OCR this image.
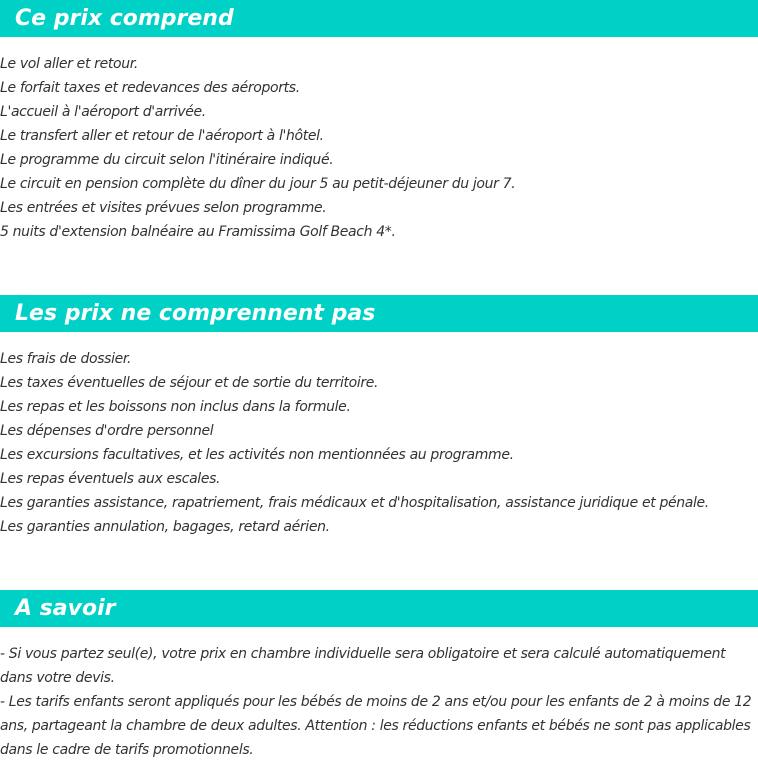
Ce prix comprend
Le vol aller et retour.
Le forfait taxes et redevances des aéroports.
L'accueil à l'aéroport d'arrivée.
Le transfert aller et retour de l'aéroport à l'hôtel.
Le programme du circuit selon l'itinéraire indiqué.
Le circuit en pension complète du dîner du jour 5 au petit-déjeuner du jour 7.
Les entrées et visites prévues selon programme.
5 nuits d'extension balnéaire au Framissima Golf Beach 4*.
Les prix ne comprennent pas
Les frais de dossier.
Les taxes éventuelles de séjour et de sortie du territoire.
Les repas et les boissons non inclus dans la formule.
Les dépenses d'ordre personnel
Les excursions facultatives, et les activités non mentionnées au programme.
Les repas éventuels aux escales.
Les garanties assistance, rapatriement, frais médicaux et d'hospitalisation, assistance juridique et pénale.
Les garanties annulation, bagages, retard aérien.
A savoir

- Si vous partez seul(e), votre prix en chambre individuelle sera obligatoire et sera calculé automatiquement dans votre devis.

- Les tarifs enfants seront appliqués pour les bébés de moins de 2 ans et/ou pour les enfants de 2 à moins de 12 ans, partageant la chambre de deux adultes. Attention : les réductions enfants et bébés ne sont pas applicables dans le cadre de tarifs promotionnels.
